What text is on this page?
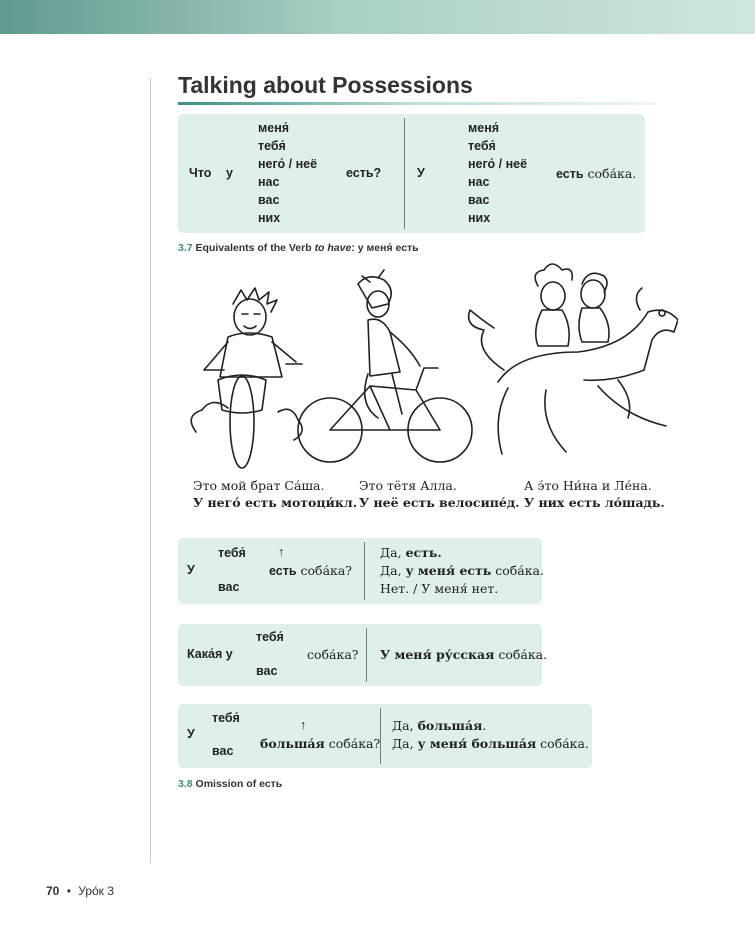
Talking about Possessions
Что у
меня́
тебя́
него́ / неё
нас
вас
них
есть?	У
меня́
тебя́
него́ / неё
нас
вас
них
есть соба́ка.
3.7 Equivalents of the Verb to have: у меня́ есть
Это мой брат Са́ша.
У него́ есть мотоци́кл.
Это тётя Алла.
У неё есть велосипе́д.
А э́то Ни́на и Ле́на.
У них есть ло́шадь.
У
тебя́
вас
↑
есть соба́ка?
Да, есть.
Да, у меня́ есть соба́ка.
Нет. / У меня́ нет.
Кака́я у
тебя́
вас
соба́ка? У меня́ ру́сская соба́ка.
У
тебя́
вас
↑
больша́я соба́ка?
Да, больша́я.
Да, у меня́ больша́я соба́ка.
3.8 Omission of есть
70 • Уро́к 3
